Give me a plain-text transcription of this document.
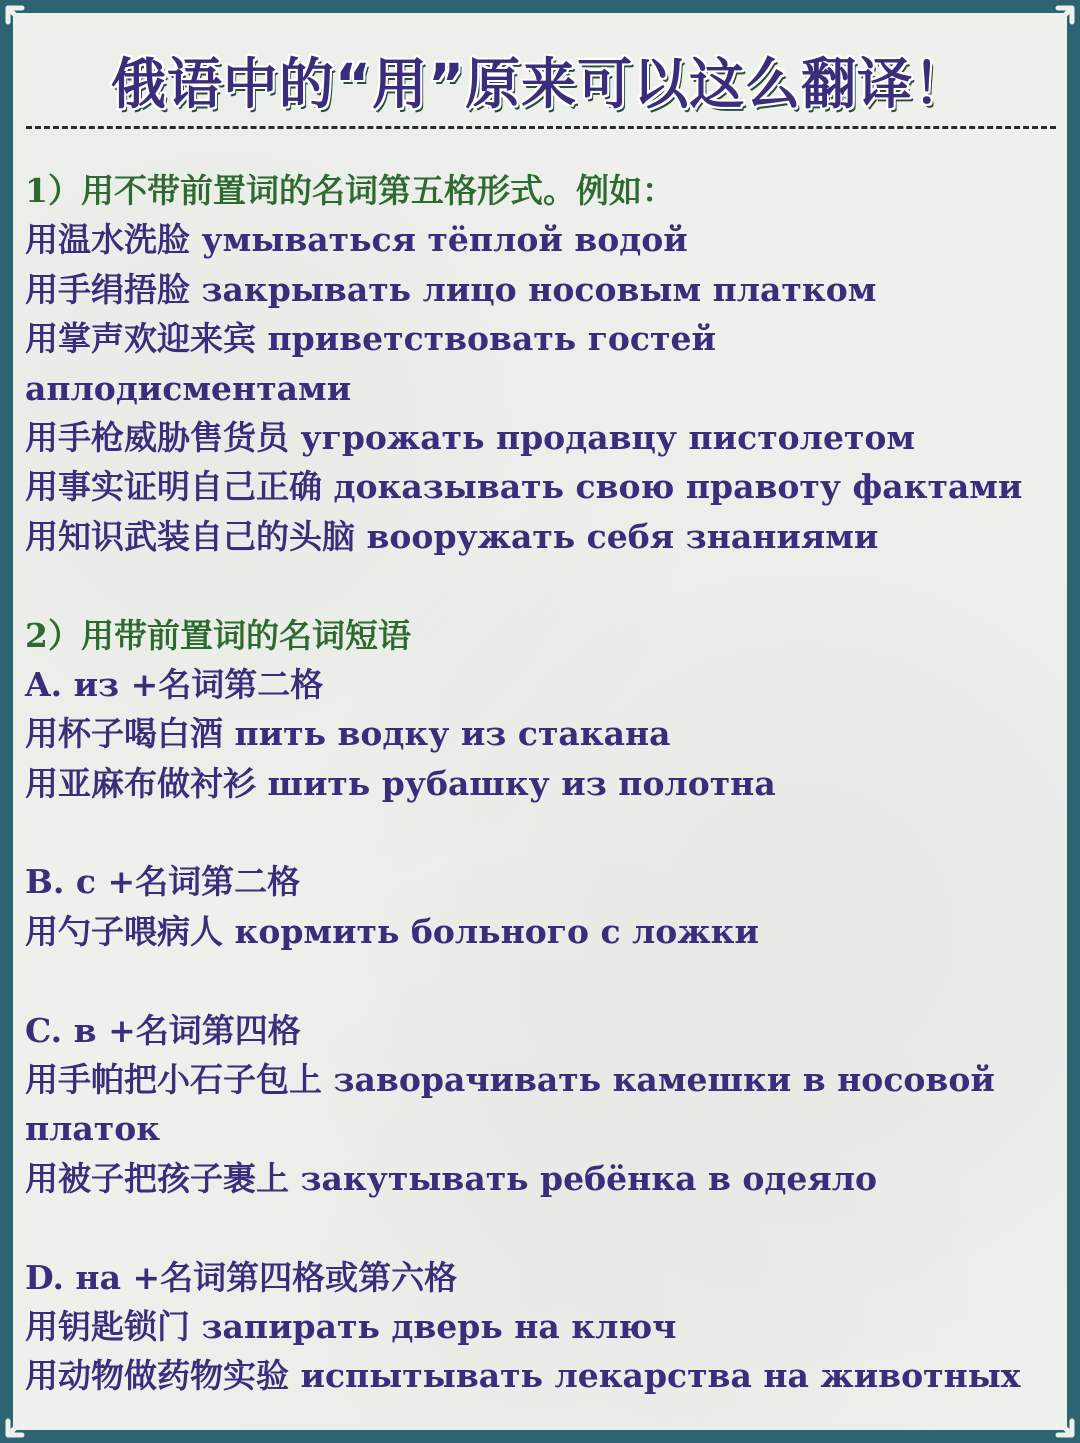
俄语中的“用”原来可以这么翻译！
1）用不带前置词的名词第五格形式。例如：
用温水洗脸 умываться тёплой водой
用手绢捂脸 закрывать лицо носовым платком
用掌声欢迎来宾 приветствовать гостей
аплодисментами
用手枪威胁售货员 угрожать продавцу пистолетом
用事实证明自己正确 доказывать свою правоту фактами
用知识武装自己的头脑 вооружать себя знаниями
2）用带前置词的名词短语
A. из +名词第二格
用杯子喝白酒 пить водку из стакана
用亚麻布做衬衫 шить рубашку из полотна
B. с +名词第二格
用勺子喂病人 кормить больного с ложки
C. в +名词第四格
用手帕把小石子包上 заворачивать камешки в носовой
платок
用被子把孩子裹上 закутывать ребёнка в одеяло
D. на +名词第四格或第六格
用钥匙锁门 запирать дверь на ключ
用动物做药物实验 испытывать лекарства на животных
